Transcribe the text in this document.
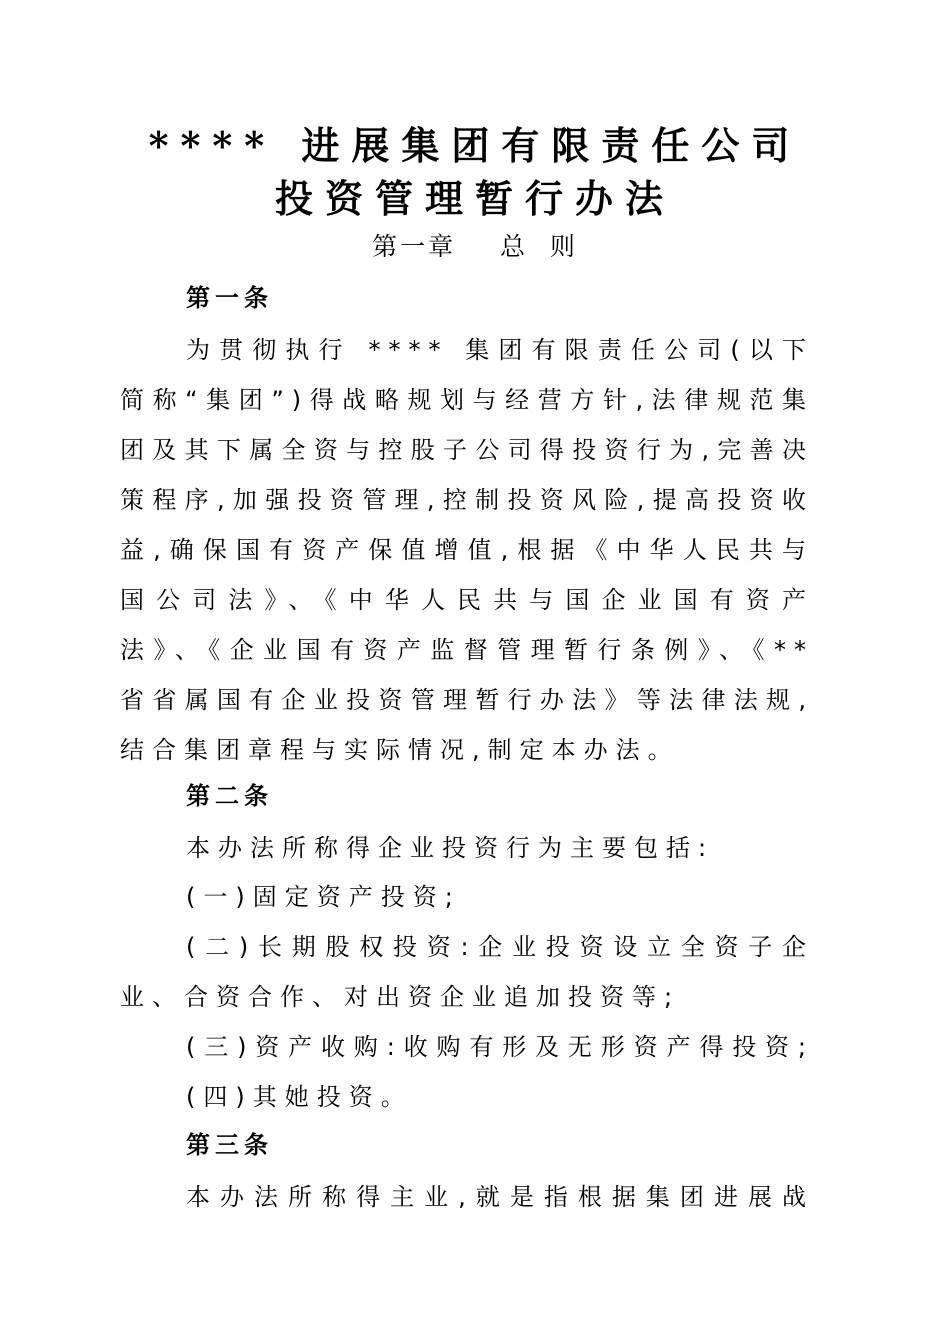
**** 进展集团有限责任公司
投资管理暂行办法
第一章    总  则
第一条

为贯彻执行 **** 集团有限责任公司(以下简称“集团”)得战略规划与经营方针,法律规范集团及其下属全资与控股子公司得投资行为,完善决策程序,加强投资管理,控制投资风险,提高投资收益,确保国有资产保值增值,根据《中华人民共与国公司法》、《中华人民共与国企业国有资产法》、《企业国有资产监督管理暂行条例》、《** 省省属国有企业投资管理暂行办法》等法律法规,结合集团章程与实际情况,制定本办法。

第二条

本办法所称得企业投资行为主要包括:

(一)固定资产投资;

(二)长期股权投资:企业投资设立全资子企业、合资合作、对出资企业追加投资等;

(三)资产收购:收购有形及无形资产得投资;

(四)其她投资。

第三条

本办法所称得主业,就是指根据集团进展战
